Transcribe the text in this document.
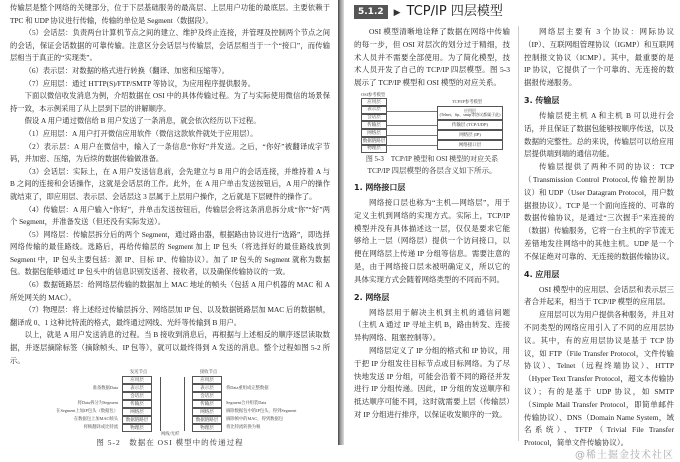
传输层是整个网络的关键部分，位于下层基础服务的最高层、上层用户功能的最底层。主要依赖于TPC 和 UDP 协议进行传输，传输的单位是 Segment（数据段）。

（5）会话层：负责两台计算机节点之间的建立、维护及终止连接，并管理及控制两个节点之间的会话，保证会话数据的可靠传输。注意区分会话层与传输层，会话层相当于一个“接口”，而传输层相当于真正的“实现类”。

（6）表示层：对数据的格式进行转换（翻译、加密和压缩等）。

（7）应用层：通过 HTTP(S)/FTP/SMTP 等协议，为应用程序提供服务。

下面以微信收发消息为例，介绍数据在 OSI 中的具体传输过程。为了与实际使用微信的场景保持一致，本示例采用了从上层到下层的讲解顺序。

假设 A 用户通过微信给 B 用户发送了一条消息，就会依次经历以下过程。

（1）应用层：A 用户打开微信应用软件（微信这款软件就处于应用层）。

（2）表示层：A 用户在微信中，输入了一条信息“你好”并发送。之后，“你好”被翻译成字节码，并加密、压缩，为后续的数据传输做准备。

（3）会话层：实际上，在 A 用户发送信息前，会先建立与 B 用户的会话连接，并维持着 A 与 B 之间的连接和会话操作，这就是会话层的工作。此外，在 A 用户单击发送按钮后，A 用户的操作就结束了，即应用层、表示层、会话层这 3 层属于上层用户操作，之后就是下层硬件的操作了。

（4）传输层：A 用户输入“你好”，并单击发送按钮后，传输层会将这条消息拆分成“你”“好”两个 Segment，并准备发送（但还没有实际发送）。

（5）网络层：传输层拆分后的两个 Segment，通过路由器，根据路由协议进行“选路”，即选择网络传输的最佳路线。选路后，再给传输层的 Segment 加上 IP 包头（将选择好的最佳路线放到 Segment 中，IP 包头主要包括：源 IP、目标 IP、传输协议）。加了 IP 包头的 Segment 就称为数据包。数据包能够通过 IP 包头中的信息识别发送者、接收者，以及确保传输协议的一致。

（6）数据链路层：给网络层传输的数据加上 MAC 地址的帧头（包括 A 用户机器的 MAC 和 A 所处网关的 MAC）。

（7）物理层：将上述经过传输层拆分、网络层加 IP 包、以及数据链路层加 MAC 后的数据帧，翻译成 0、1 这种比特流的格式，最终通过网线、光纤等传输到 B 用户。

以上，就是 A 用户发送消息的过程。当 B 接收到消息后，再根据与上述相反的顺序逐层读取数据，并逐层摘除标签（摘除帧头、IP 包等），就可以最终得到 A 发送的消息。整个过程如图 5-2 所示。

发送节点	接收节点
应用层	应用层
表示层	表示层
会话层	会话层
传输层	传输层
网络层	网络层
数据链路层	数据链路层
物理层	物理层
准备数据Data
将Data拆分为Segment
在Segment上加IP包头（数据包）
在数据包上加MAC帧头
将帧翻译成比特流
将Data重组成完整数据
Segment合并组装Data
摘除数据包中的IP包头，得到Segment
摘除帧中的MAC，得到数据包
将比特流转换为帧
网线/光纤

图 5-2　数据在 OSI 模型中的传递过程

5.1.2	▶ TCP/IP 四层模型

OSI 模型清晰地诠释了数据在网络中传输的每一步，但 OSI 对层次的划分过于精细，技术人员并不需要全部使用。为了简化模型，技术人员开发了自己的 TCP/IP 四层模型。图 5-3 展示了 TCP/IP 模型和 OSI 模型的对应关系。

OSI参考模型
TCP/IP参考模型
应用层
表示层
会话层
传输层
网络层
数据链路层
物理层
应用层
(Telnet、ftp、smtp等协议都属于此)
传输层 (TCP/UDP)
网络层 (IP)
网络接口层

图 5-3　TCP/IP 模型和 OSI 模型的对应关系

TCP/IP 四层模型的各层含义如下所示。

1. 网络接口层

网络接口层也称为“主机—网络层”，用于定义主机到网络的实现方式。实际上，TCP/IP 模型并没有具体描述这一层，仅仅是要求它能够给上一层（网络层）提供一个访问接口，以便在网络层上传递 IP 分组等信息。需要注意的是，由于网络接口层未被明确定义，所以它的具体实现方式会随着网络类型的不同而不同。

2. 网络层

网络层用于解决主机到主机的通信问题（主机 A 通过 IP 寻址主机 B，路由转发、连接异构网络、阻塞控制等）。

网络层定义了 IP 分组的格式和 IP 协议，用于把 IP 分组发往目标节点或目标网络。为了尽快地发送 IP 分组，可能会沿着不同的路径并发进行 IP 分组传递。因此，IP 分组的发送顺序和抵达顺序可能不同，这时就需要上层（传输层）对 IP 分组进行排序，以保证收发顺序的一致。

网络层主要有 3 个协议：网际协议（IP）、互联网组管理协议（IGMP）和互联网控制报文协议（ICMP）。其中，最重要的是 IP 协议，它提供了一个可靠的、无连接的数据报传递服务。

3. 传输层

传输层使主机 A 和主机 B 可以进行会话，并且保证了数据包能够按顺序传送，以及数据的完整性。总的来说，传输层可以给应用层提供端到端的通信功能。

传输层提供了两种不同的协议：TCP（Transmission Control Protocol,传输控制协议）和 UDP（User Datagram Protocol，用户数据报协议）。TCP 是一个面向连接的、可靠的数据传输协议，是通过“三次握手”来连接的（数据）传输服务，它将一台主机的字节流无差错地发往网络中的其他主机。UDP 是一个不保证绝对可靠的、无连接的数据传输协议。

4. 应用层

OSI 模型中的应用层、会话层和表示层三者合并起来，相当于 TCP/IP 模型的应用层。

应用层可以为用户提供各种服务，并且对不同类型的网络应用引入了不同的应用层协议。其中，有的应用层协议是基于 TCP 协议，如 FTP（File Transfer Protocol，文件传输协议）、Telnet（远程终端协议）、HTTP（Hyper Text Transfer Protocol，超文本传输协议）；有的是基于 UDP 协议，如 SMTP（Simple Mail Transfer Protocol，即简单邮件传输协议）、DNS（Domain Name System，域名系统）、TFTP（Trivial File Transfer Protocol，简单文件传输协议）。

@稀土掘金技术社区
